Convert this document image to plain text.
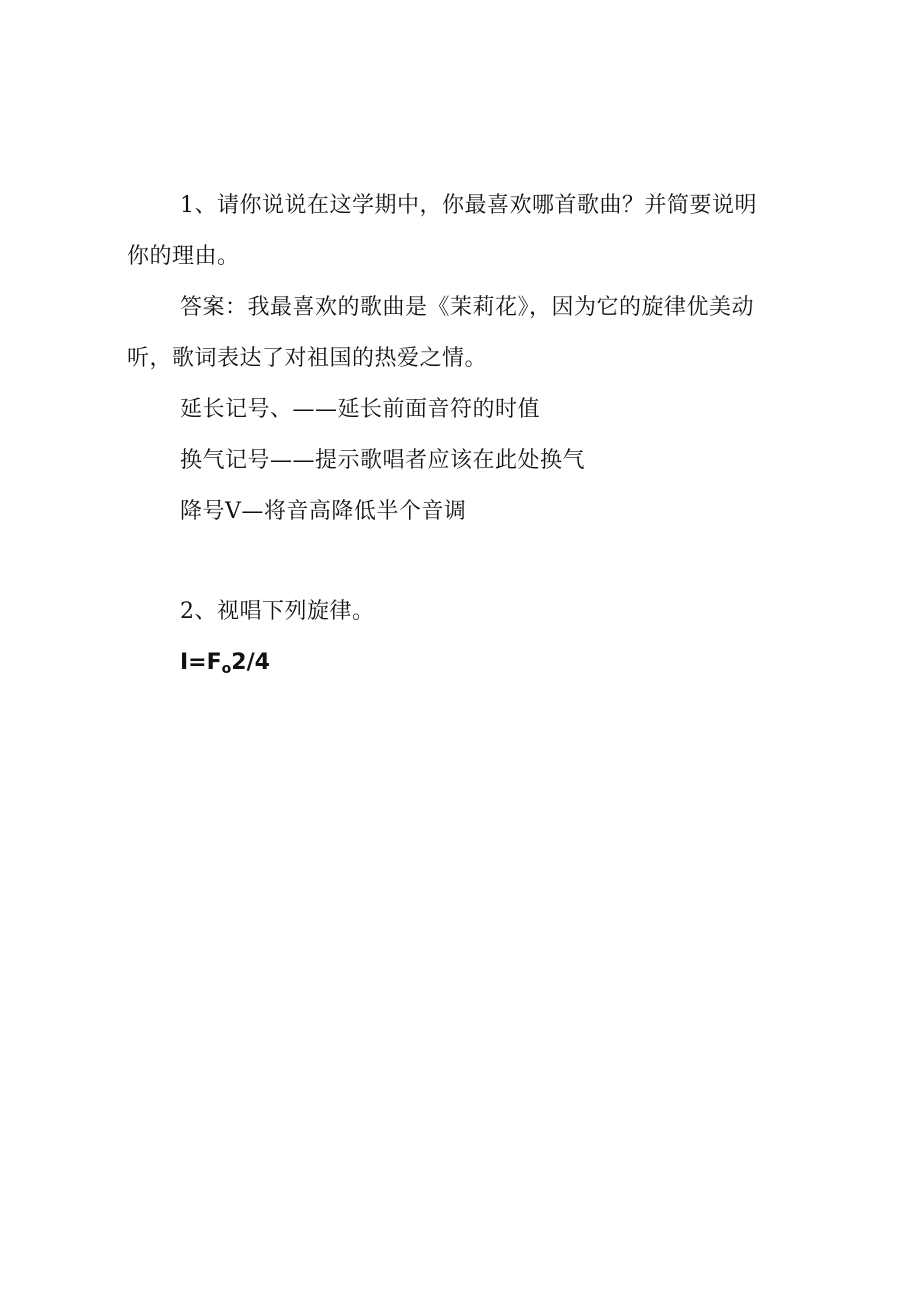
1、请你说说在这学期中，你最喜欢哪首歌曲？并简要说明
你的理由。

答案：我最喜欢的歌曲是《茉莉花》，因为它的旋律优美动
听，歌词表达了对祖国的热爱之情。

延长记号、——延长前面音符的时值

换气记号——提示歌唱者应该在此处换气

降号V—将音高降低半个音调

2、视唱下列旋律。

$I=F_o2/4$
